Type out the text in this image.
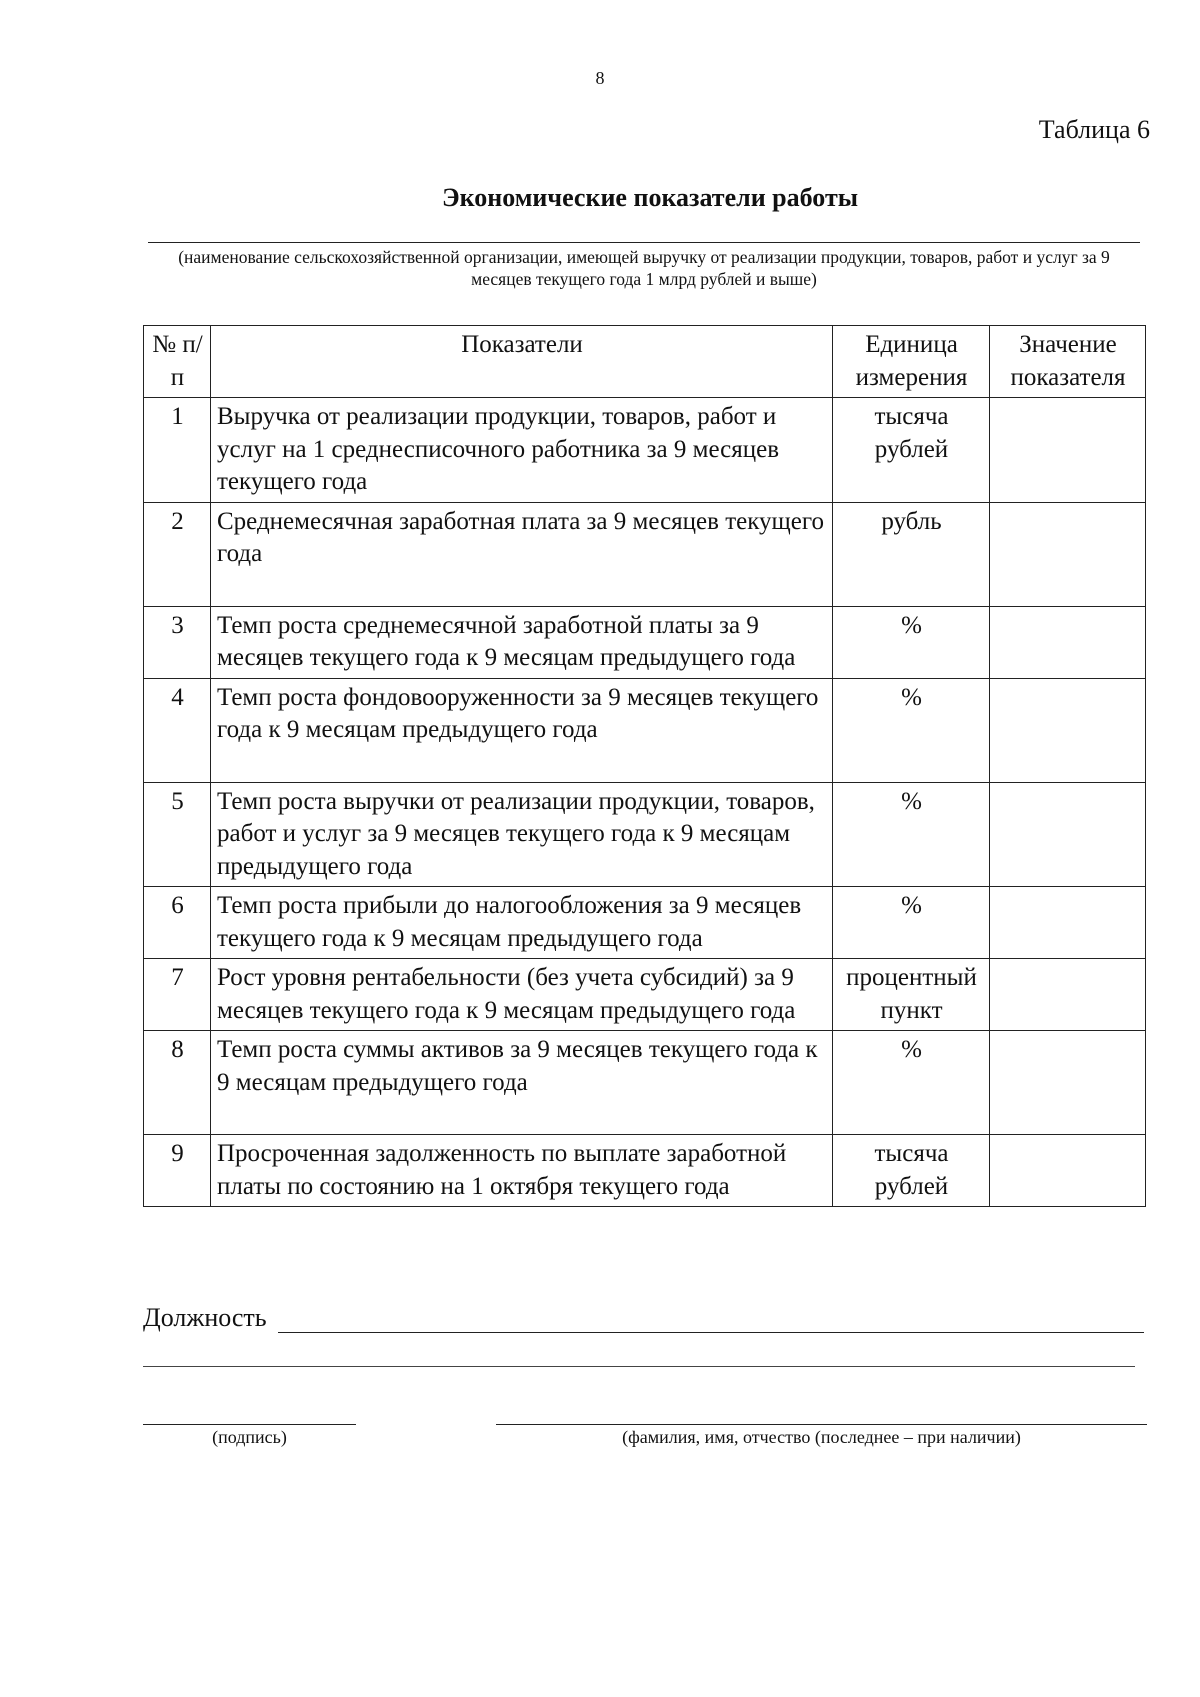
8
Таблица 6
Экономические показатели работы
(наименование сельскохозяйственной организации, имеющей выручку от реализации продукции, товаров, работ и услуг за 9 месяцев текущего года 1 млрд рублей и выше)
№ п/п	Показатели	Единица измерения	Значение показателя
1	Выручка от реализации продукции, товаров, работ и услуг на 1 среднесписочного работника за 9 месяцев текущего года	тысяча рублей	
2	Среднемесячная заработная плата за 9 месяцев текущего года	рубль	
3	Темп роста среднемесячной заработной платы за 9 месяцев текущего года к 9 месяцам предыдущего года	%	
4	Темп роста фондовооруженности за 9 месяцев текущего года к 9 месяцам предыдущего года	%	
5	Темп роста выручки от реализации продукции, товаров, работ и услуг за 9 месяцев текущего года к 9 месяцам предыдущего года	%	
6	Темп роста прибыли до налогообложения за 9 месяцев текущего года к 9 месяцам предыдущего года	%	
7	Рост уровня рентабельности (без учета субсидий) за 9 месяцев текущего года к 9 месяцам предыдущего года	процентный пункт	
8	Темп роста суммы активов за 9 месяцев текущего года к 9 месяцам предыдущего года	%	
9	Просроченная задолженность по выплате заработной платы по состоянию на 1 октября текущего года	тысяча рублей	
Должность
(подпись)	(фамилия, имя, отчество (последнее – при наличии)
